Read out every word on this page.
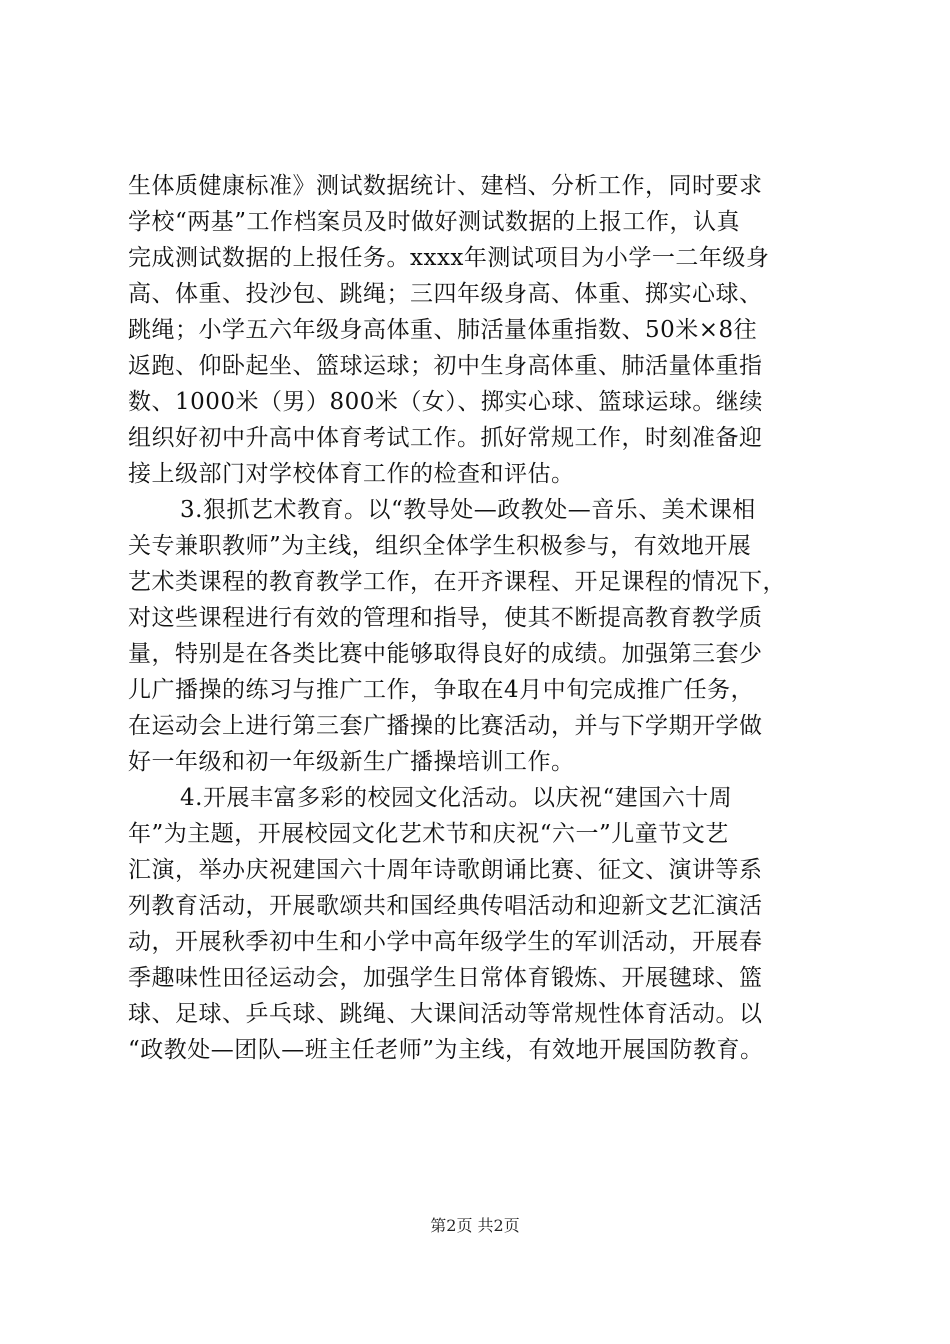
生体质健康标准》测试数据统计、建档、分析工作，同时要求
学校“两基”工作档案员及时做好测试数据的上报工作，认真
完成测试数据的上报任务。xxxx年测试项目为小学一二年级身
高、体重、投沙包、跳绳；三四年级身高、体重、掷实心球、
跳绳；小学五六年级身高体重、肺活量体重指数、50米×8往
返跑、仰卧起坐、篮球运球；初中生身高体重、肺活量体重指
数、1000米（男）800米（女）、掷实心球、篮球运球。继续
组织好初中升高中体育考试工作。抓好常规工作，时刻准备迎
接上级部门对学校体育工作的检查和评估。
3.狠抓艺术教育。以“教导处—政教处—音乐、美术课相
关专兼职教师”为主线，组织全体学生积极参与，有效地开展
艺术类课程的教育教学工作，在开齐课程、开足课程的情况下，
对这些课程进行有效的管理和指导，使其不断提高教育教学质
量，特别是在各类比赛中能够取得良好的成绩。加强第三套少
儿广播操的练习与推广工作，争取在4月中旬完成推广任务，
在运动会上进行第三套广播操的比赛活动，并与下学期开学做
好一年级和初一年级新生广播操培训工作。
4.开展丰富多彩的校园文化活动。以庆祝“建国六十周
年”为主题，开展校园文化艺术节和庆祝“六一”儿童节文艺
汇演，举办庆祝建国六十周年诗歌朗诵比赛、征文、演讲等系
列教育活动，开展歌颂共和国经典传唱活动和迎新文艺汇演活
动，开展秋季初中生和小学中高年级学生的军训活动，开展春
季趣味性田径运动会，加强学生日常体育锻炼、开展毽球、篮
球、足球、乒乓球、跳绳、大课间活动等常规性体育活动。以
“政教处—团队—班主任老师”为主线，有效地开展国防教育。
第2页 共2页
